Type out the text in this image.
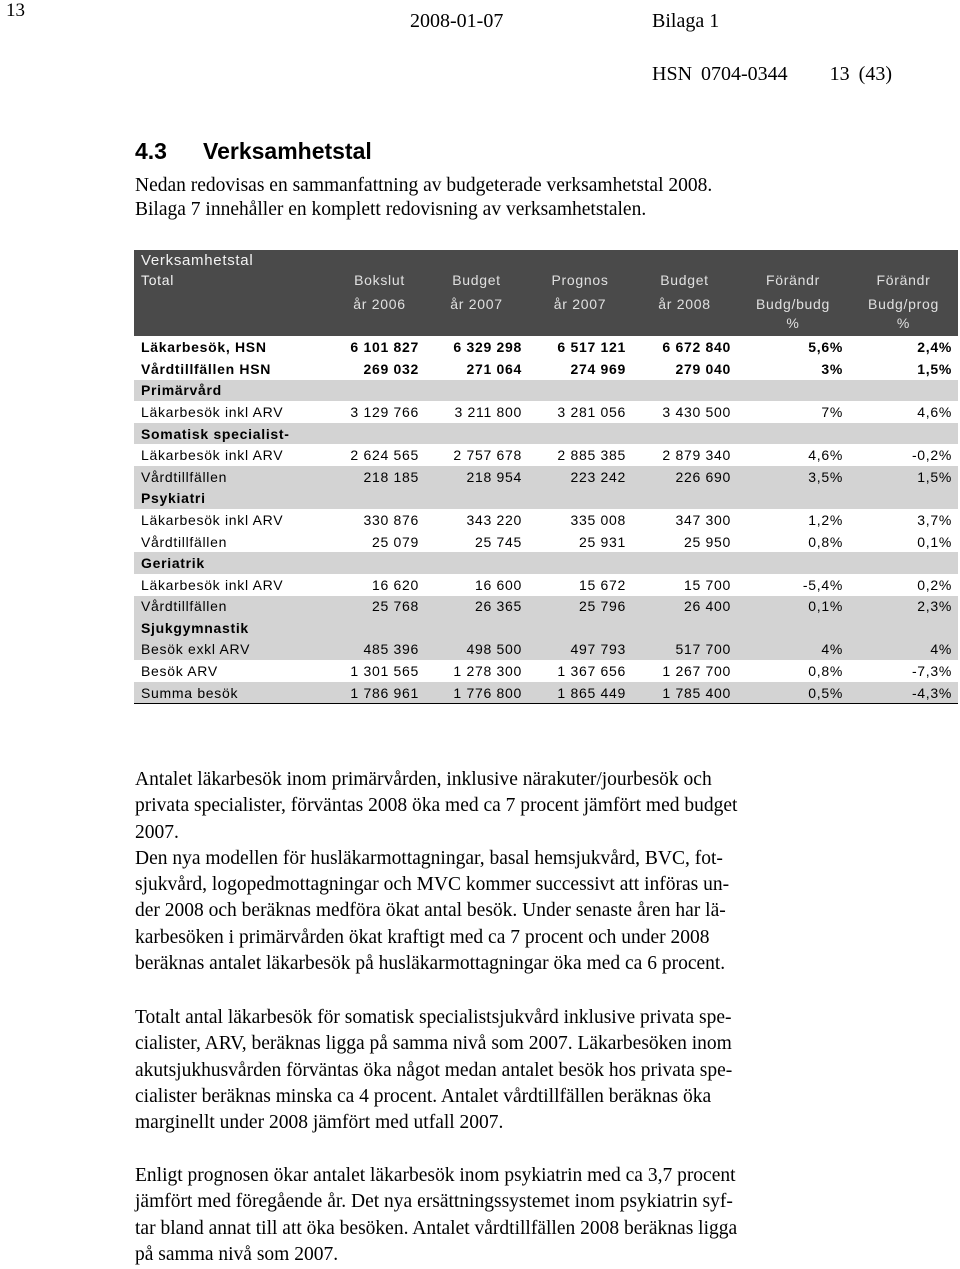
13	2008-01-07	Bilaga 1
HSN 0704-0344 13 (43)
4.3 Verksamhetstal
Nedan redovisas en sammanfattning av budgeterade verksamhetstal 2008.
Bilaga 7 innehåller en komplett redovisning av verksamhetstalen.
Verksamhetstal						
Total	Bokslut	Budget	Prognos	Budget	Förändr	Förändr
	år 2006	år 2007	år 2007	år 2008	Budg/budg	Budg/prog
					%	%
Läkarbesök, HSN	6 101 827	6 329 298	6 517 121	6 672 840	5,6%	2,4%
Vårdtillfällen HSN	269 032	271 064	274 969	279 040	3%	1,5%
Primärvård						
Läkarbesök inkl ARV	3 129 766	3 211 800	3 281 056	3 430 500	7%	4,6%
Somatisk specialist-						
Läkarbesök inkl ARV	2 624 565	2 757 678	2 885 385	2 879 340	4,6%	-0,2%
Vårdtillfällen	218 185	218 954	223 242	226 690	3,5%	1,5%
Psykiatri						
Läkarbesök inkl ARV	330 876	343 220	335 008	347 300	1,2%	3,7%
Vårdtillfällen	25 079	25 745	25 931	25 950	0,8%	0,1%
Geriatrik						
Läkarbesök inkl ARV	16 620	16 600	15 672	15 700	-5,4%	0,2%
Vårdtillfällen	25 768	26 365	25 796	26 400	0,1%	2,3%
Sjukgymnastik						
Besök exkl ARV	485 396	498 500	497 793	517 700	4%	4%
Besök ARV	1 301 565	1 278 300	1 367 656	1 267 700	0,8%	-7,3%
Summa besök	1 786 961	1 776 800	1 865 449	1 785 400	0,5%	-4,3%
Antalet läkarbesök inom primärvården, inklusive närakuter/jourbesök och
privata specialister, förväntas 2008 öka med ca 7 procent jämfört med budget
2007.
Den nya modellen för husläkarmottagningar, basal hemsjukvård, BVC, fot-
sjukvård, logopedmottagningar och MVC kommer successivt att införas un-
der 2008 och beräknas medföra ökat antal besök. Under senaste åren har lä-
karbesöken i primärvården ökat kraftigt med ca 7 procent och under 2008
beräknas antalet läkarbesök på husläkarmottagningar öka med ca 6 procent.
Totalt antal läkarbesök för somatisk specialistsjukvård inklusive privata spe-
cialister, ARV, beräknas ligga på samma nivå som 2007. Läkarbesöken inom
akutsjukhusvården förväntas öka något medan antalet besök hos privata spe-
cialister beräknas minska ca 4 procent. Antalet vårdtillfällen beräknas öka
marginellt under 2008 jämfört med utfall 2007.
Enligt prognosen ökar antalet läkarbesök inom psykiatrin med ca 3,7 procent
jämfört med föregående år. Det nya ersättningssystemet inom psykiatrin syf-
tar bland annat till att öka besöken. Antalet vårdtillfällen 2008 beräknas ligga
på samma nivå som 2007.
